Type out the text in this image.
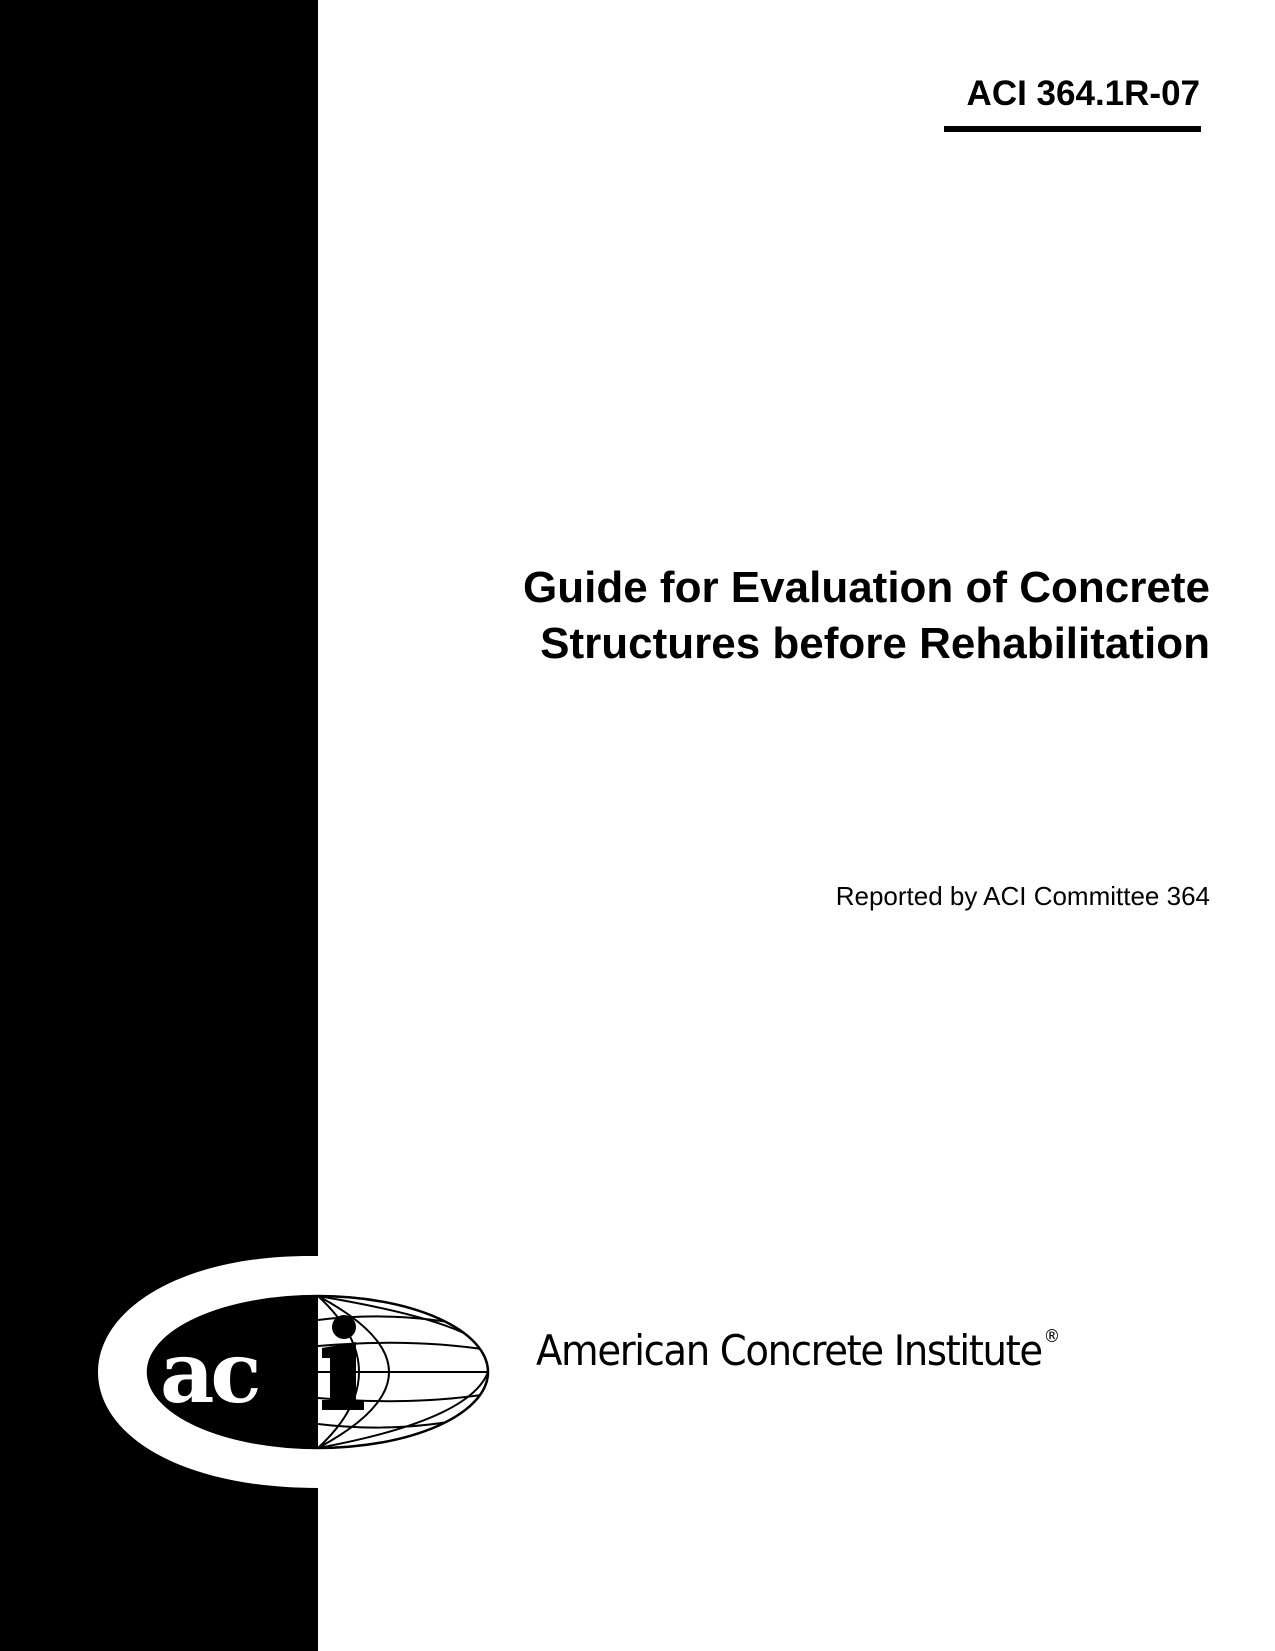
ACI 364.1R-07
Guide for Evaluation of Concrete
Structures before Rehabilitation
Reported by ACI Committee 364
ac	American Concrete Institute ®
